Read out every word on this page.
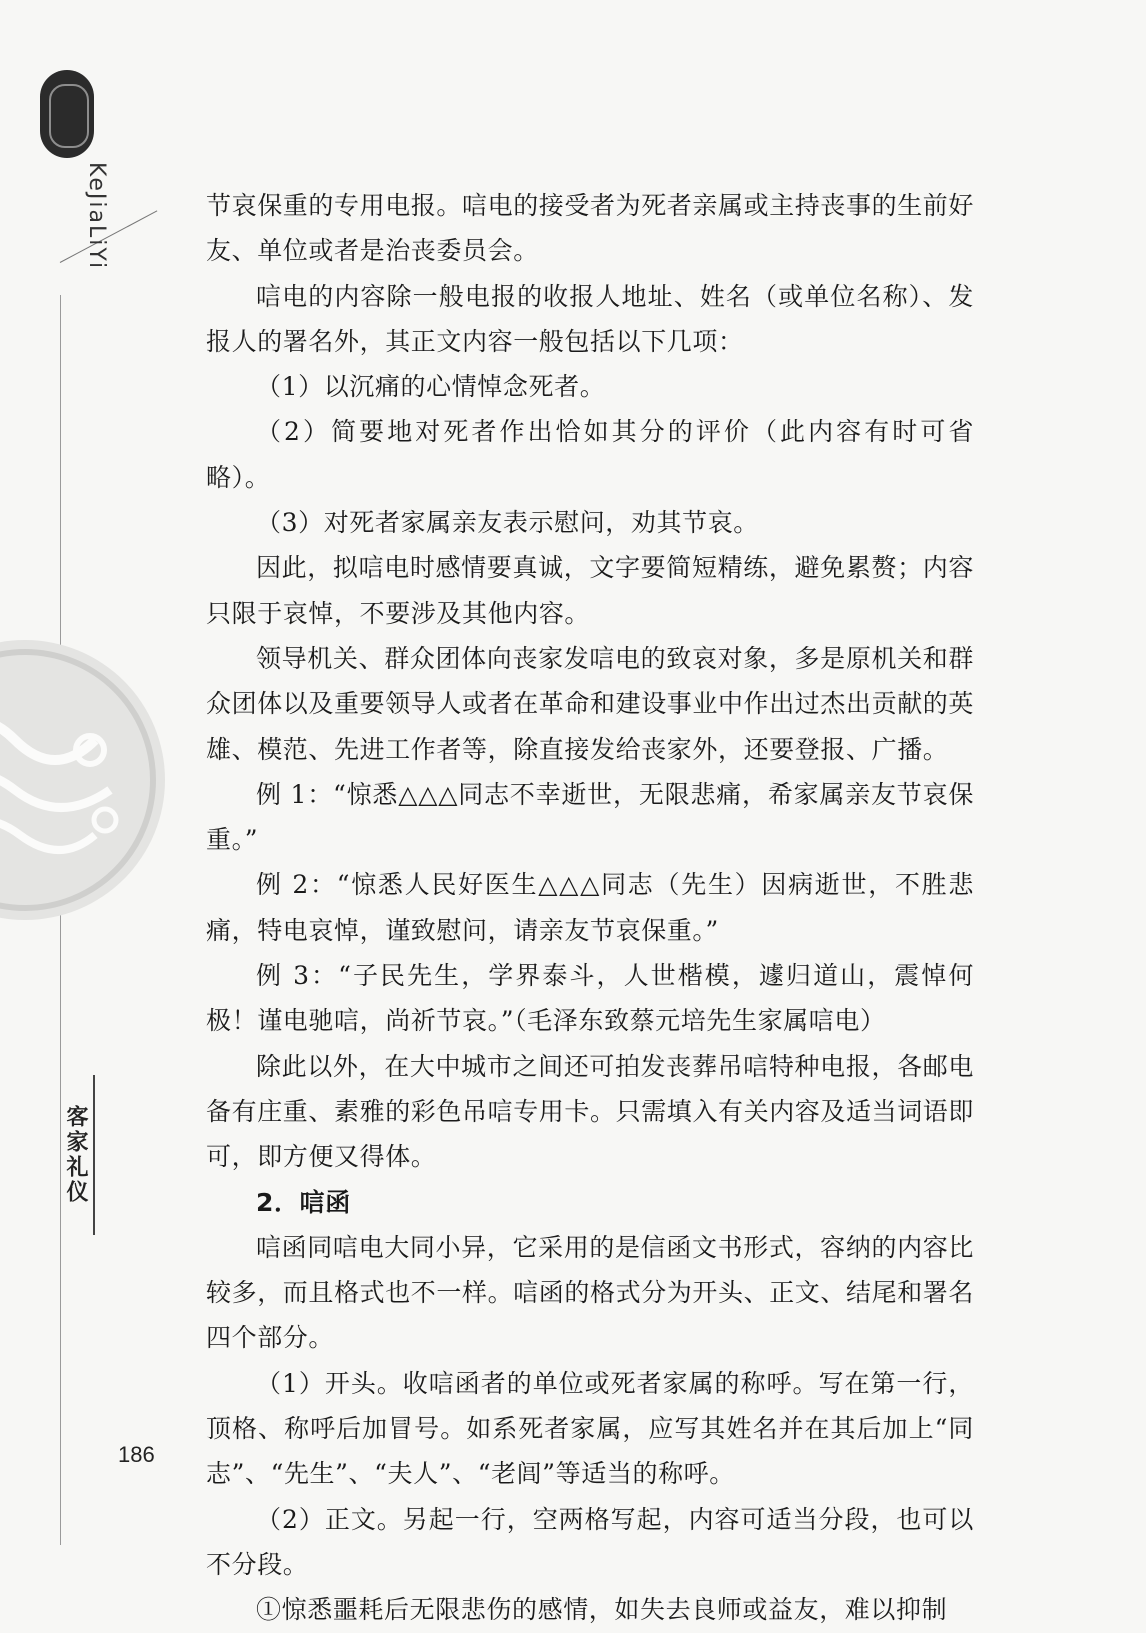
KeJiaLiYi
客家礼仪

节哀保重的专用电报。唁电的接受者为死者亲属或主持丧事的生前好友、单位或者是治丧委员会。

唁电的内容除一般电报的收报人地址、姓名（或单位名称）、发报人的署名外，其正文内容一般包括以下几项：

（1）以沉痛的心情悼念死者。

（2）简要地对死者作出恰如其分的评价（此内容有时可省略）。

（3）对死者家属亲友表示慰问，劝其节哀。

因此，拟唁电时感情要真诚，文字要简短精练，避免累赘；内容只限于哀悼，不要涉及其他内容。

领导机关、群众团体向丧家发唁电的致哀对象，多是原机关和群众团体以及重要领导人或者在革命和建设事业中作出过杰出贡献的英雄、模范、先进工作者等，除直接发给丧家外，还要登报、广播。

例 1：“惊悉△△△同志不幸逝世，无限悲痛，希家属亲友节哀保重。”

例 2：“惊悉人民好医生△△△同志（先生）因病逝世，不胜悲痛，特电哀悼，谨致慰问，请亲友节哀保重。”

例 3：“子民先生，学界泰斗，人世楷模，遽归道山，震悼何极！谨电驰唁，尚祈节哀。”（毛泽东致蔡元培先生家属唁电）

除此以外，在大中城市之间还可拍发丧葬吊唁特种电报，各邮电备有庄重、素雅的彩色吊唁专用卡。只需填入有关内容及适当词语即可，即方便又得体。

2．唁函

唁函同唁电大同小异，它采用的是信函文书形式，容纳的内容比较多，而且格式也不一样。唁函的格式分为开头、正文、结尾和署名四个部分。

（1）开头。收唁函者的单位或死者家属的称呼。写在第一行，顶格、称呼后加冒号。如系死者家属，应写其姓名并在其后加上“同志”、“先生”、“夫人”、“老闾”等适当的称呼。

（2）正文。另起一行，空两格写起，内容可适当分段，也可以不分段。

①惊悉噩耗后无限悲伤的感情，如失去良师或益友，难以抑制

186
